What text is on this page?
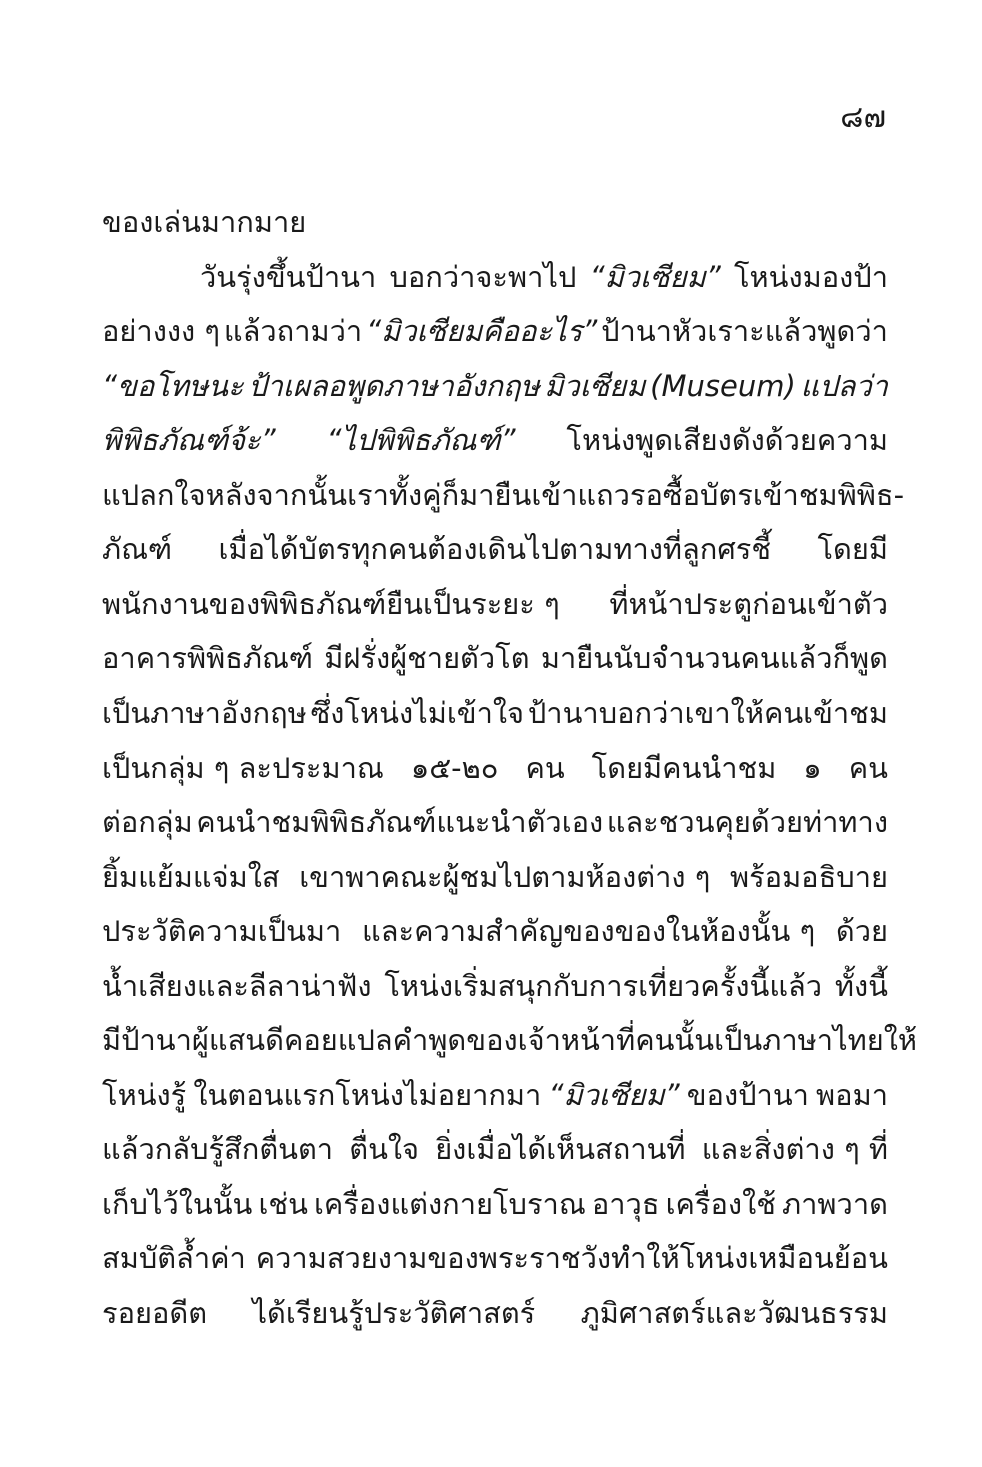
๘๗
ของเล่นมากมาย
วันรุ่งขึ้นป้านา บอกว่าจะพาไป “มิวเซียม” โหน่งมองป้า
อย่างงง ๆ แล้วถามว่า “มิวเซียมคืออะไร” ป้านาหัวเราะแล้วพูดว่า
“ขอโทษนะ ป้าเผลอพูดภาษาอังกฤษ มิวเซียม (Museum) แปลว่า
พิพิธภัณฑ์จ้ะ” “ไปพิพิธภัณฑ์” โหน่งพูดเสียงดังด้วยความ
แปลกใจ หลังจากนั้นเราทั้งคู่ก็มายืนเข้าแถวรอซื้อบัตรเข้าชมพิพิธ-
ภัณฑ์ เมื่อได้บัตรทุกคนต้องเดินไปตามทางที่ลูกศรชี้ โดยมี
พนักงานของพิพิธภัณฑ์ยืนเป็นระยะ ๆ ที่หน้าประตูก่อนเข้าตัว
อาคารพิพิธภัณฑ์ มีฝรั่งผู้ชายตัวโต มายืนนับจำนวนคนแล้วก็พูด
เป็นภาษาอังกฤษ ซึ่งโหน่งไม่เข้าใจ ป้านาบอกว่าเขาให้คนเข้าชม
เป็นกลุ่ม ๆ ละประมาณ ๑๕-๒๐ คน โดยมีคนนำชม ๑ คน
ต่อกลุ่ม คนนำชมพิพิธภัณฑ์แนะนำตัวเอง และชวนคุยด้วยท่าทาง
ยิ้มแย้มแจ่มใส เขาพาคณะผู้ชมไปตามห้องต่าง ๆ พร้อมอธิบาย
ประวัติความเป็นมา และความสำคัญของของในห้องนั้น ๆ ด้วย
น้ำเสียงและลีลาน่าฟัง โหน่งเริ่มสนุกกับการเที่ยวครั้งนี้แล้ว ทั้งนี้
มีป้านาผู้แสนดีคอยแปลคำพูดของเจ้าหน้าที่คนนั้นเป็นภาษาไทยให้
โหน่งรู้ ในตอนแรกโหน่งไม่อยากมา “มิวเซียม” ของป้านา พอมา
แล้วกลับรู้สึกตื่นตา ตื่นใจ ยิ่งเมื่อได้เห็นสถานที่ และสิ่งต่าง ๆ ที่
เก็บไว้ในนั้น เช่น เครื่องแต่งกายโบราณ อาวุธ เครื่องใช้ ภาพวาด
สมบัติล้ำค่า ความสวยงามของพระราชวังทำให้โหน่งเหมือนย้อน
รอยอดีต ได้เรียนรู้ประวัติศาสตร์ ภูมิศาสตร์และวัฒนธรรม
